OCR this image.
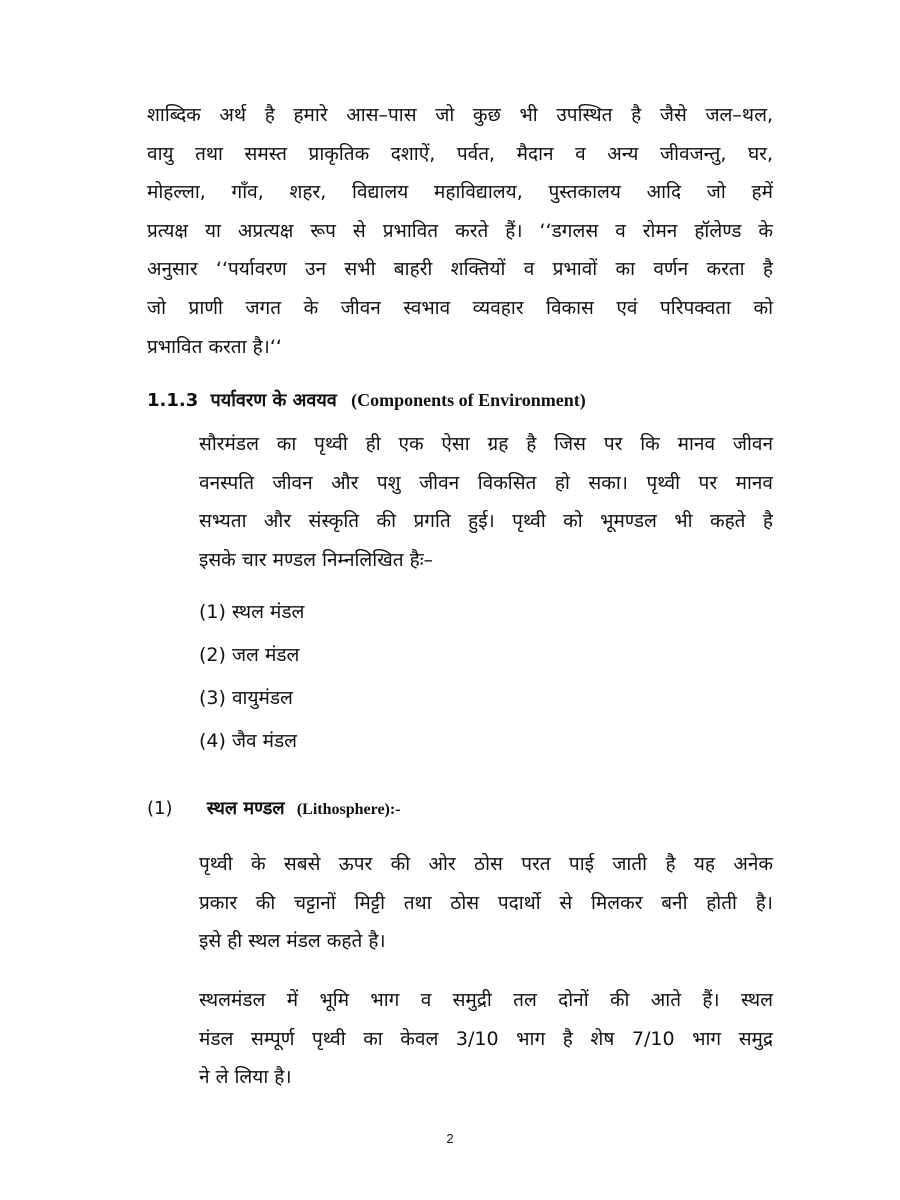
शाब्दिक अर्थ है हमारे आस–पास जो कुछ भी उपस्थित है जैसे जल–थल,
वायु तथा समस्त प्राकृतिक दशाऐं, पर्वत, मैदान व अन्य जीवजन्तु, घर,
मोहल्ला, गाँव, शहर, विद्यालय महाविद्यालय, पुस्तकालय आदि जो हमें
प्रत्यक्ष या अप्रत्यक्ष रूप से प्रभावित करते हैं। ‘‘डगलस व रोमन हॉलेण्ड के
अनुसार ‘‘पर्यावरण उन सभी बाहरी शक्तियों व प्रभावों का वर्णन करता है
जो प्राणी जगत के जीवन स्वभाव व्यवहार विकास एवं परिपक्वता को
प्रभावित करता है।‘‘
1.1.3 पर्यावरण के अवयव (Components of Environment)
सौरमंडल का पृथ्वी ही एक ऐसा ग्रह है जिस पर कि मानव जीवन
वनस्पति जीवन और पशु जीवन विकसित हो सका। पृथ्वी पर मानव
सभ्यता और संस्कृति की प्रगति हुई। पृथ्वी को भूमण्डल भी कहते है
इसके चार मण्डल निम्नलिखित हैः–
(1) स्थल मंडल
(2) जल मंडल
(3) वायुमंडल
(4) जैव मंडल
(1) स्थल मण्डल (Lithosphere):-
पृथ्वी के सबसे ऊपर की ओर ठोस परत पाई जाती है यह अनेक
प्रकार की चट्टानों मिट्टी तथा ठोस पदार्थो से मिलकर बनी होती है।
इसे ही स्थल मंडल कहते है।
स्थलमंडल में भूमि भाग व समुद्री तल दोनों की आते हैं। स्थल
मंडल सम्पूर्ण पृथ्वी का केवल 3/10 भाग है शेष 7/10 भाग समुद्र
ने ले लिया है।
2
